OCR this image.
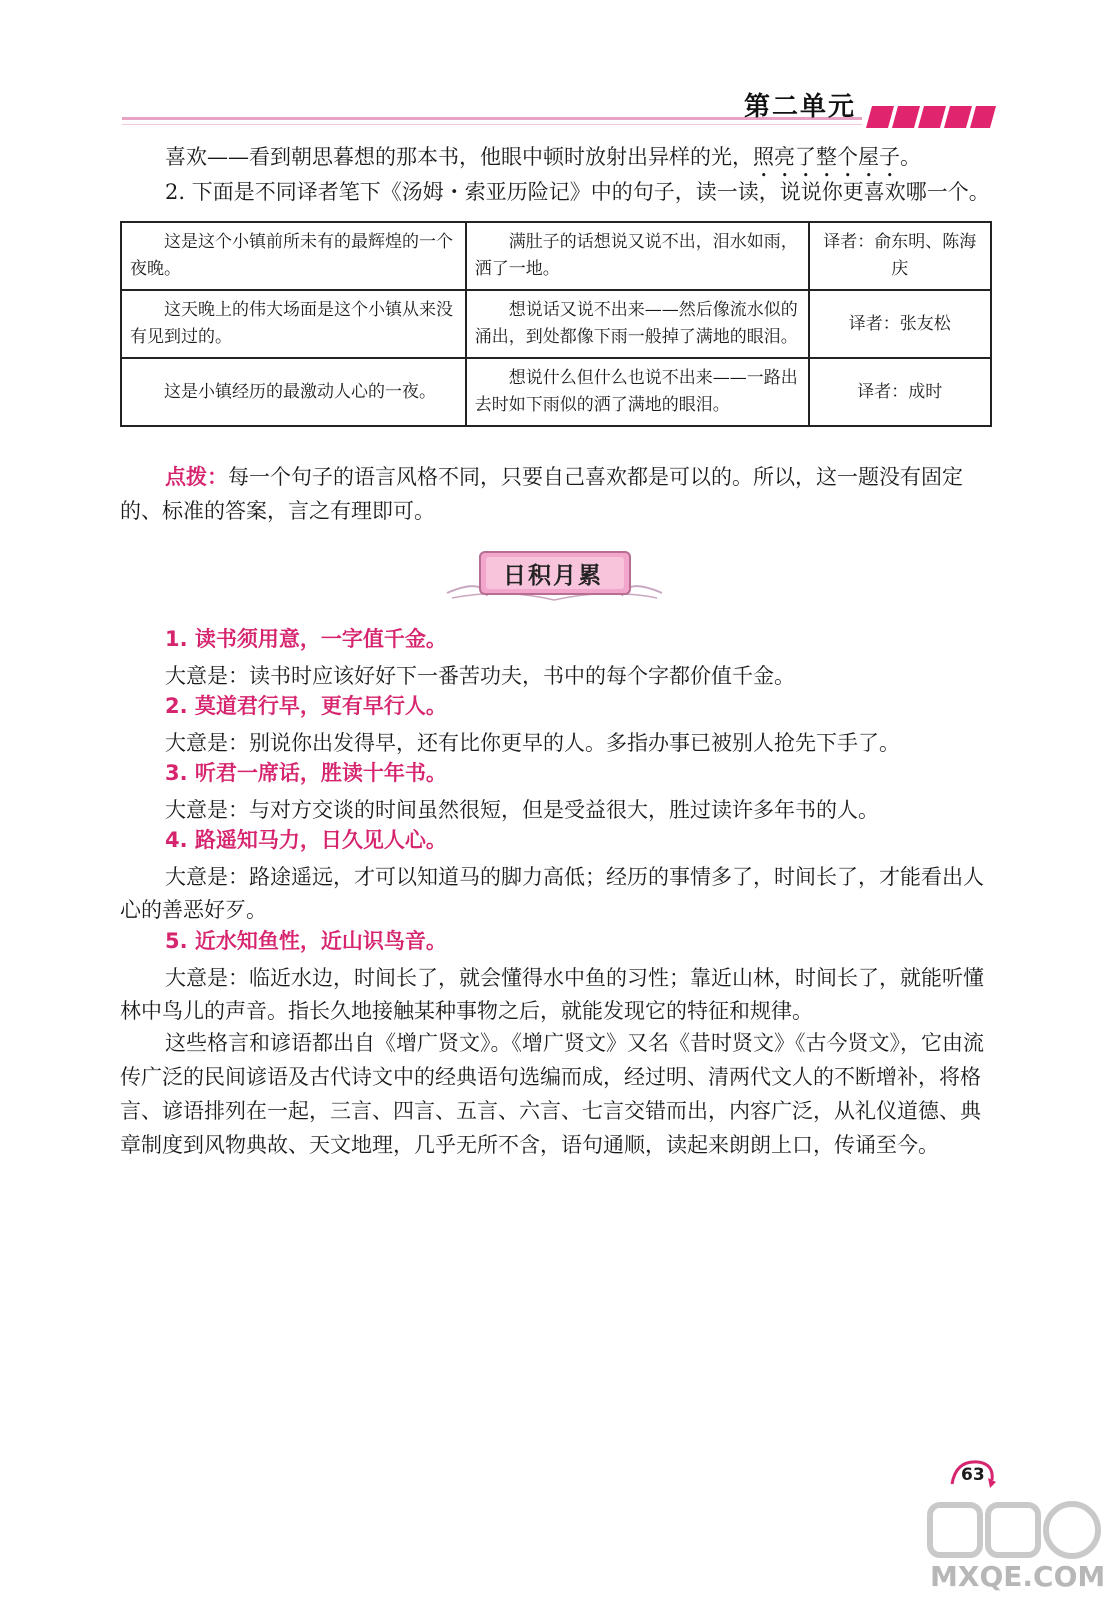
第二单元
喜欢——看到朝思暮想的那本书，他眼中顿时放射出异样的光，照亮了整个屋子。
2. 下面是不同译者笔下《汤姆・索亚历险记》中的句子，读一读，说说你更喜欢哪一个。
这是这个小镇前所未有的最辉煌的一个夜晚。	满肚子的话想说又说不出，泪水如雨，洒了一地。	译者：俞东明、陈海庆

这天晚上的伟大场面是这个小镇从来没有见到过的。	想说话又说不出来——然后像流水似的涌出，到处都像下雨一般掉了满地的眼泪。	译者：张友松

这是小镇经历的最激动人心的一夜。	想说什么但什么也说不出来——一路出去时如下雨似的洒了满地的眼泪。	译者：成时
点拨：每一个句子的语言风格不同，只要自己喜欢都是可以的。所以，这一题没有固定的、标准的答案，言之有理即可。
日积月累
1. 读书须用意，一字值千金。
大意是：读书时应该好好下一番苦功夫，书中的每个字都价值千金。
2. 莫道君行早，更有早行人。
大意是：别说你出发得早，还有比你更早的人。多指办事已被别人抢先下手了。
3. 听君一席话，胜读十年书。
大意是：与对方交谈的时间虽然很短，但是受益很大，胜过读许多年书的人。
4. 路遥知马力，日久见人心。
大意是：路途遥远，才可以知道马的脚力高低；经历的事情多了，时间长了，才能看出人心的善恶好歹。
5. 近水知鱼性，近山识鸟音。
大意是：临近水边，时间长了，就会懂得水中鱼的习性；靠近山林，时间长了，就能听懂林中鸟儿的声音。指长久地接触某种事物之后，就能发现它的特征和规律。
这些格言和谚语都出自《增广贤文》。《增广贤文》又名《昔时贤文》《古今贤文》，它由流传广泛的民间谚语及古代诗文中的经典语句选编而成，经过明、清两代文人的不断增补，将格言、谚语排列在一起，三言、四言、五言、六言、七言交错而出，内容广泛，从礼仪道德、典章制度到风物典故、天文地理，几乎无所不含，语句通顺，读起来朗朗上口，传诵至今。
63
MXQE.COM
